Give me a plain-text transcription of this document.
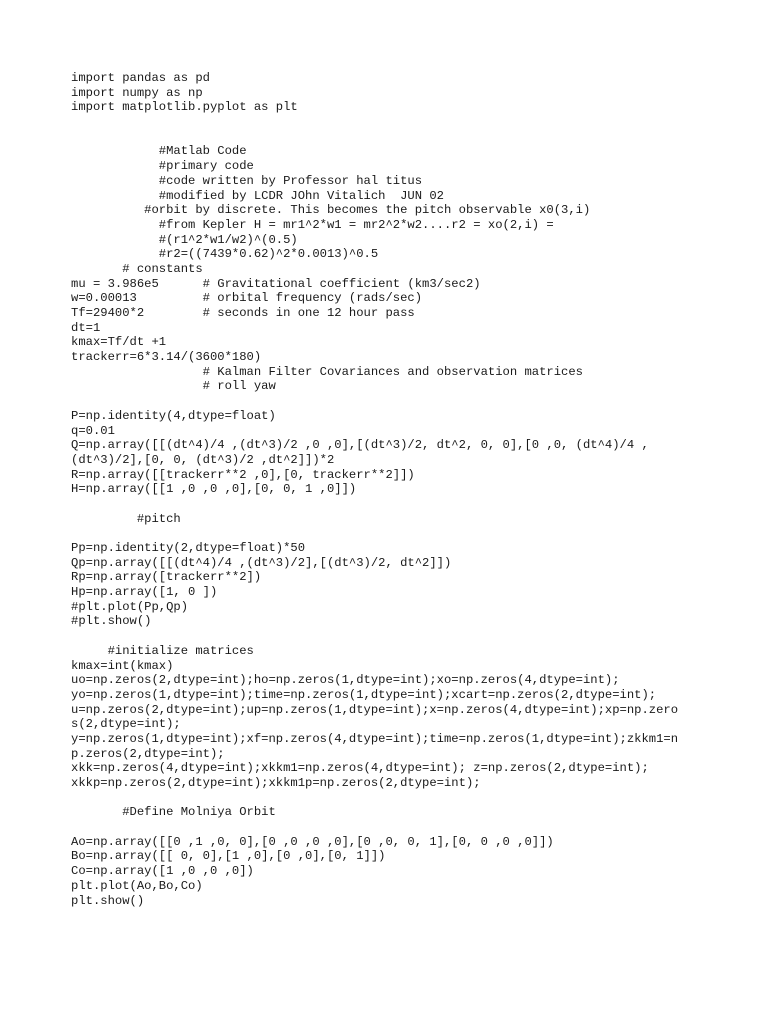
import pandas as pd
import numpy as np
import matplotlib.pyplot as plt
#Matlab Code
#primary code
#code written by Professor hal titus
#modified by LCDR JOhn Vitalich  JUN 02
#orbit by discrete. This becomes the pitch observable x0(3,i)
#from Kepler H = mr1^2*w1 = mr2^2*w2....r2 = xo(2,i) =
#(r1^2*w1/w2)^(0.5)
#r2=((7439*0.62)^2*0.0013)^0.5
# constants
mu = 3.986e5      # Gravitational coefficient (km3/sec2)
w=0.00013         # orbital frequency (rads/sec)
Tf=29400*2        # seconds in one 12 hour pass
dt=1
kmax=Tf/dt +1
trackerr=6*3.14/(3600*180)
# Kalman Filter Covariances and observation matrices
# roll yaw
P=np.identity(4,dtype=float)
q=0.01
Q=np.array([[(dt^4)/4 ,(dt^3)/2 ,0 ,0],[(dt^3)/2, dt^2, 0, 0],[0 ,0, (dt^4)/4 ,
(dt^3)/2],[0, 0, (dt^3)/2 ,dt^2]])*2
R=np.array([[trackerr**2 ,0],[0, trackerr**2]])
H=np.array([[1 ,0 ,0 ,0],[0, 0, 1 ,0]])
#pitch
Pp=np.identity(2,dtype=float)*50
Qp=np.array([[(dt^4)/4 ,(dt^3)/2],[(dt^3)/2, dt^2]])
Rp=np.array([trackerr**2])
Hp=np.array([1, 0 ])
#plt.plot(Pp,Qp)
#plt.show()
#initialize matrices
kmax=int(kmax)
uo=np.zeros(2,dtype=int);ho=np.zeros(1,dtype=int);xo=np.zeros(4,dtype=int);
yo=np.zeros(1,dtype=int);time=np.zeros(1,dtype=int);xcart=np.zeros(2,dtype=int);
u=np.zeros(2,dtype=int);up=np.zeros(1,dtype=int);x=np.zeros(4,dtype=int);xp=np.zero
s(2,dtype=int);
y=np.zeros(1,dtype=int);xf=np.zeros(4,dtype=int);time=np.zeros(1,dtype=int);zkkm1=n
p.zeros(2,dtype=int);
xkk=np.zeros(4,dtype=int);xkkm1=np.zeros(4,dtype=int); z=np.zeros(2,dtype=int);
xkkp=np.zeros(2,dtype=int);xkkm1p=np.zeros(2,dtype=int);
#Define Molniya Orbit
Ao=np.array([[0 ,1 ,0, 0],[0 ,0 ,0 ,0],[0 ,0, 0, 1],[0, 0 ,0 ,0]])
Bo=np.array([[ 0, 0],[1 ,0],[0 ,0],[0, 1]])
Co=np.array([1 ,0 ,0 ,0])
plt.plot(Ao,Bo,Co)
plt.show()
